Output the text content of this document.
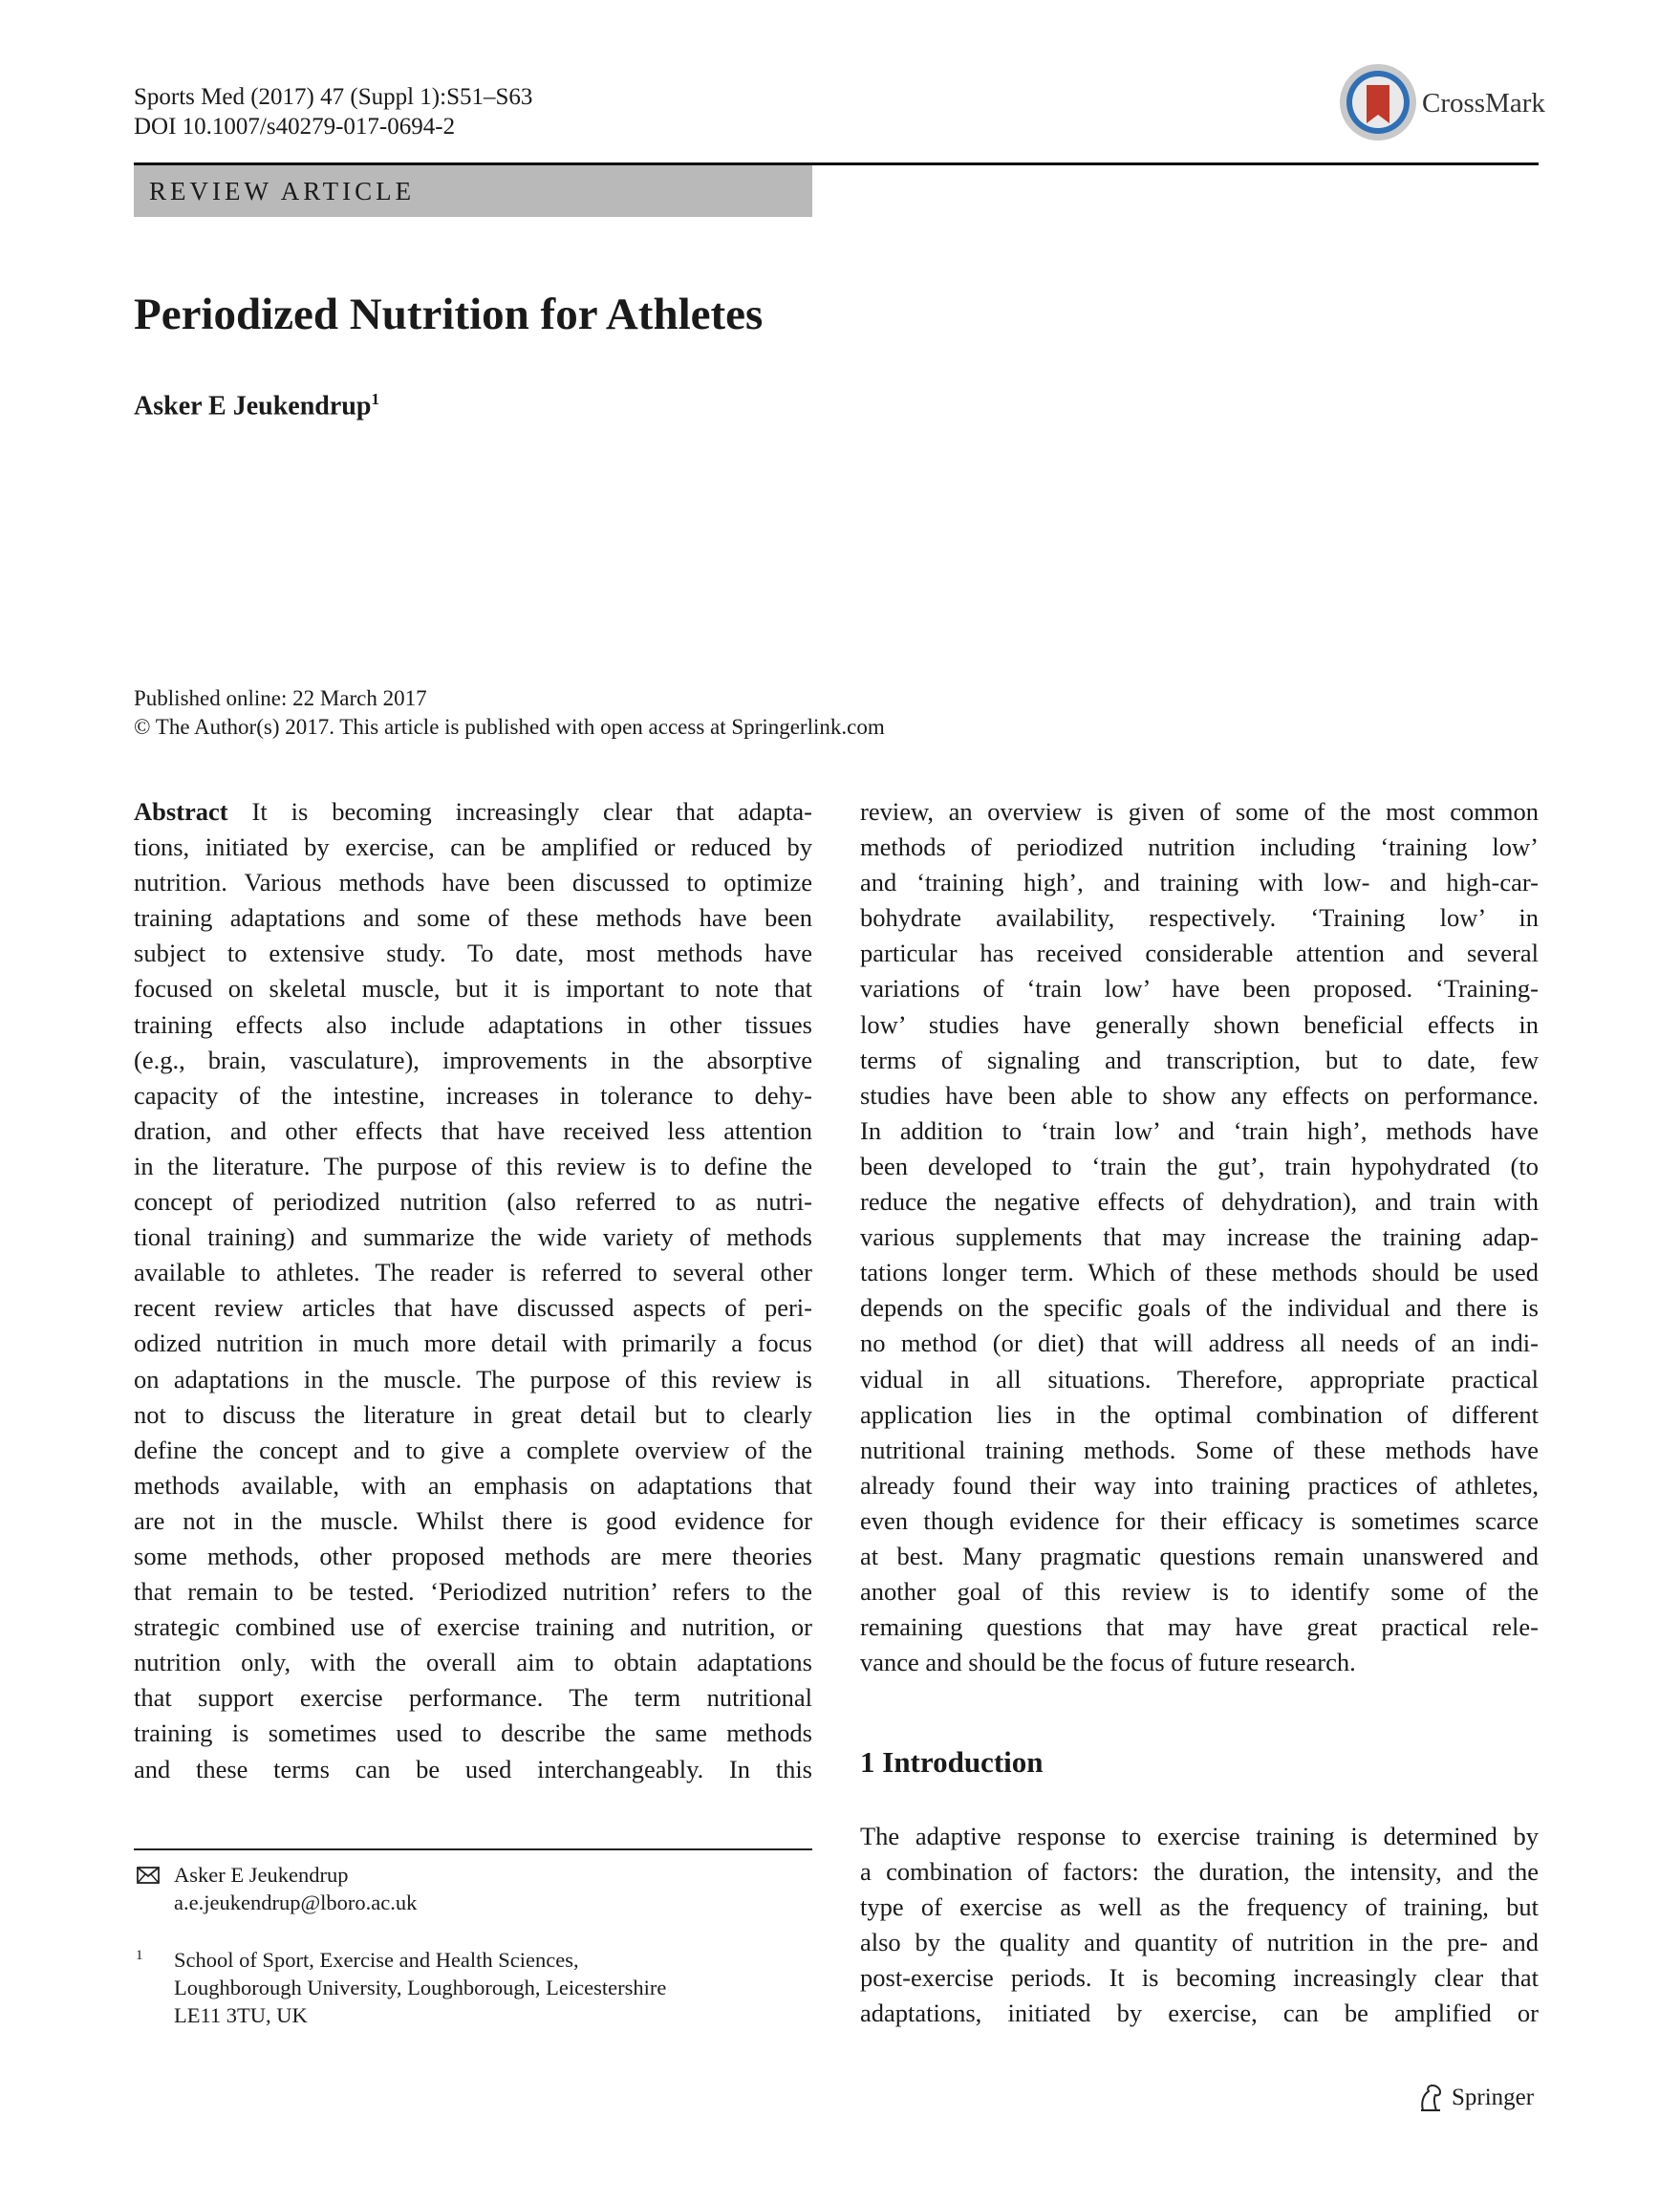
Sports Med (2017) 47 (Suppl 1):S51–S63
DOI 10.1007/s40279-017-0694-2
CrossMark
REVIEW ARTICLE
Periodized Nutrition for Athletes
Asker E Jeukendrup$^1$
Published online: 22 March 2017
© The Author(s) 2017. This article is published with open access at Springerlink.com
Abstract It is becoming increasingly clear that adapta-
tions, initiated by exercise, can be amplified or reduced by
nutrition. Various methods have been discussed to optimize
training adaptations and some of these methods have been
subject to extensive study. To date, most methods have
focused on skeletal muscle, but it is important to note that
training effects also include adaptations in other tissues
(e.g., brain, vasculature), improvements in the absorptive
capacity of the intestine, increases in tolerance to dehy-
dration, and other effects that have received less attention
in the literature. The purpose of this review is to define the
concept of periodized nutrition (also referred to as nutri-
tional training) and summarize the wide variety of methods
available to athletes. The reader is referred to several other
recent review articles that have discussed aspects of peri-
odized nutrition in much more detail with primarily a focus
on adaptations in the muscle. The purpose of this review is
not to discuss the literature in great detail but to clearly
define the concept and to give a complete overview of the
methods available, with an emphasis on adaptations that
are not in the muscle. Whilst there is good evidence for
some methods, other proposed methods are mere theories
that remain to be tested. ‘Periodized nutrition’ refers to the
strategic combined use of exercise training and nutrition, or
nutrition only, with the overall aim to obtain adaptations
that support exercise performance. The term nutritional
training is sometimes used to describe the same methods
and these terms can be used interchangeably. In this
review, an overview is given of some of the most common
methods of periodized nutrition including ‘training low’
and ‘training high’, and training with low- and high-car-
bohydrate availability, respectively. ‘Training low’ in
particular has received considerable attention and several
variations of ‘train low’ have been proposed. ‘Training-
low’ studies have generally shown beneficial effects in
terms of signaling and transcription, but to date, few
studies have been able to show any effects on performance.
In addition to ‘train low’ and ‘train high’, methods have
been developed to ‘train the gut’, train hypohydrated (to
reduce the negative effects of dehydration), and train with
various supplements that may increase the training adap-
tations longer term. Which of these methods should be used
depends on the specific goals of the individual and there is
no method (or diet) that will address all needs of an indi-
vidual in all situations. Therefore, appropriate practical
application lies in the optimal combination of different
nutritional training methods. Some of these methods have
already found their way into training practices of athletes,
even though evidence for their efficacy is sometimes scarce
at best. Many pragmatic questions remain unanswered and
another goal of this review is to identify some of the
remaining questions that may have great practical rele-
vance and should be the focus of future research.
1 Introduction
The adaptive response to exercise training is determined by
a combination of factors: the duration, the intensity, and the
type of exercise as well as the frequency of training, but
also by the quality and quantity of nutrition in the pre- and
post-exercise periods. It is becoming increasingly clear that
adaptations, initiated by exercise, can be amplified or
Asker E Jeukendrup
a.e.jeukendrup@lboro.ac.uk
1 School of Sport, Exercise and Health Sciences,
Loughborough University, Loughborough, Leicestershire
LE11 3TU, UK
Springer
